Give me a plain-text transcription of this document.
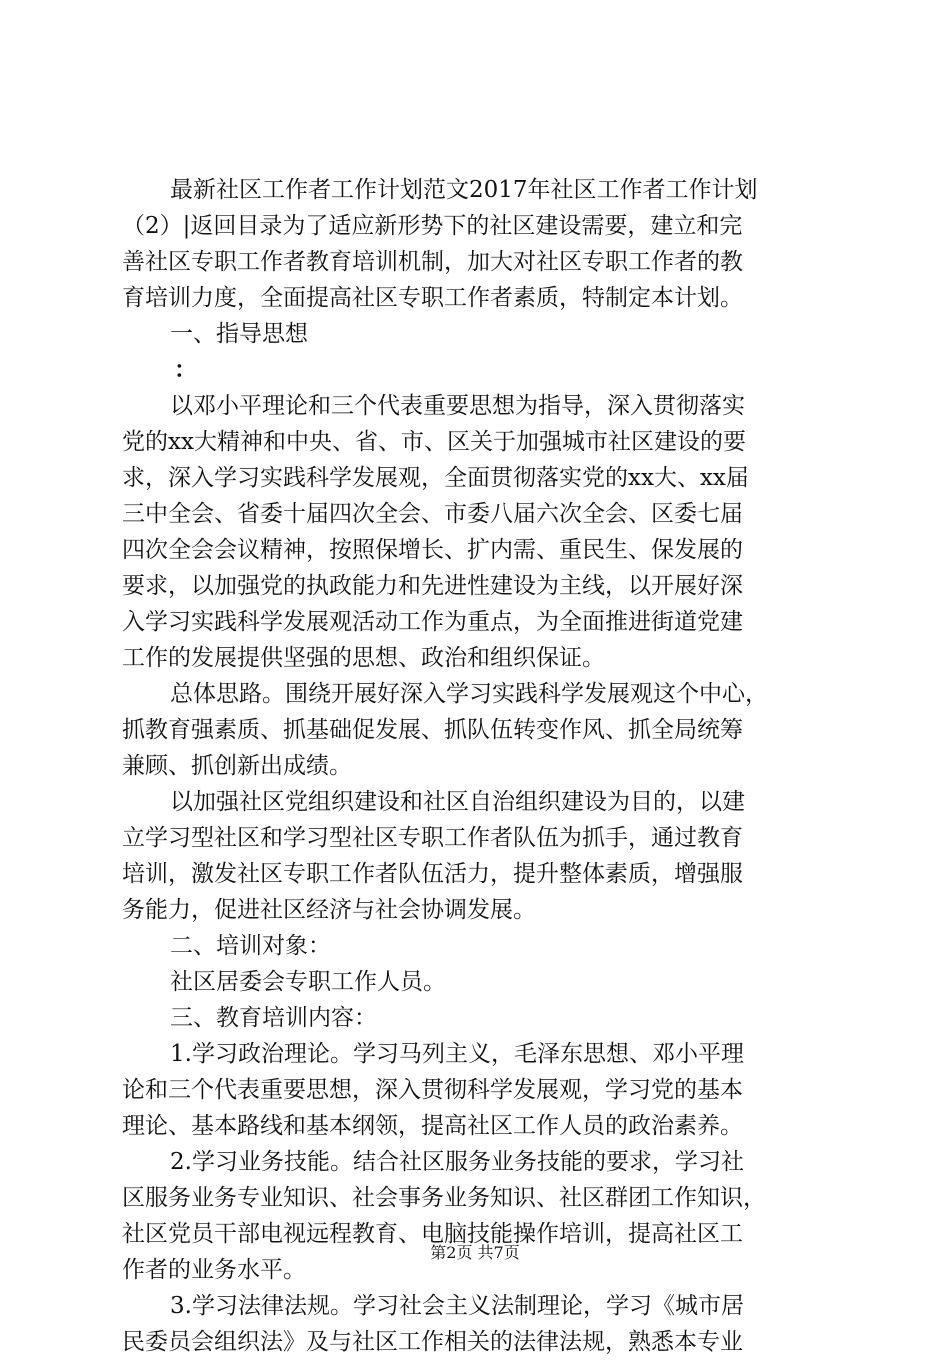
最新社区工作者工作计划范文2017年社区工作者工作计划
（2）|返回目录为了适应新形势下的社区建设需要，建立和完
善社区专职工作者教育培训机制，加大对社区专职工作者的教
育培训力度，全面提高社区专职工作者素质，特制定本计划。
一、指导思想
：
以邓小平理论和三个代表重要思想为指导，深入贯彻落实
党的xx大精神和中央、省、市、区关于加强城市社区建设的要
求，深入学习实践科学发展观，全面贯彻落实党的xx大、xx届
三中全会、省委十届四次全会、市委八届六次全会、区委七届
四次全会会议精神，按照保增长、扩内需、重民生、保发展的
要求，以加强党的执政能力和先进性建设为主线，以开展好深
入学习实践科学发展观活动工作为重点，为全面推进街道党建
工作的发展提供坚强的思想、政治和组织保证。
总体思路。围绕开展好深入学习实践科学发展观这个中心，
抓教育强素质、抓基础促发展、抓队伍转变作风、抓全局统筹
兼顾、抓创新出成绩。
以加强社区党组织建设和社区自治组织建设为目的，以建
立学习型社区和学习型社区专职工作者队伍为抓手，通过教育
培训，激发社区专职工作者队伍活力，提升整体素质，增强服
务能力，促进社区经济与社会协调发展。
二、培训对象：
社区居委会专职工作人员。
三、教育培训内容：
1.学习政治理论。学习马列主义，毛泽东思想、邓小平理
论和三个代表重要思想，深入贯彻科学发展观，学习党的基本
理论、基本路线和基本纲领，提高社区工作人员的政治素养。
2.学习业务技能。结合社区服务业务技能的要求，学习社
区服务业务专业知识、社会事务业务知识、社区群团工作知识，
社区党员干部电视远程教育、电脑技能操作培训，提高社区工
作者的业务水平。
3.学习法律法规。学习社会主义法制理论，学习《城市居
民委员会组织法》及与社区工作相关的法律法规，熟悉本专业
第2页 共7页
